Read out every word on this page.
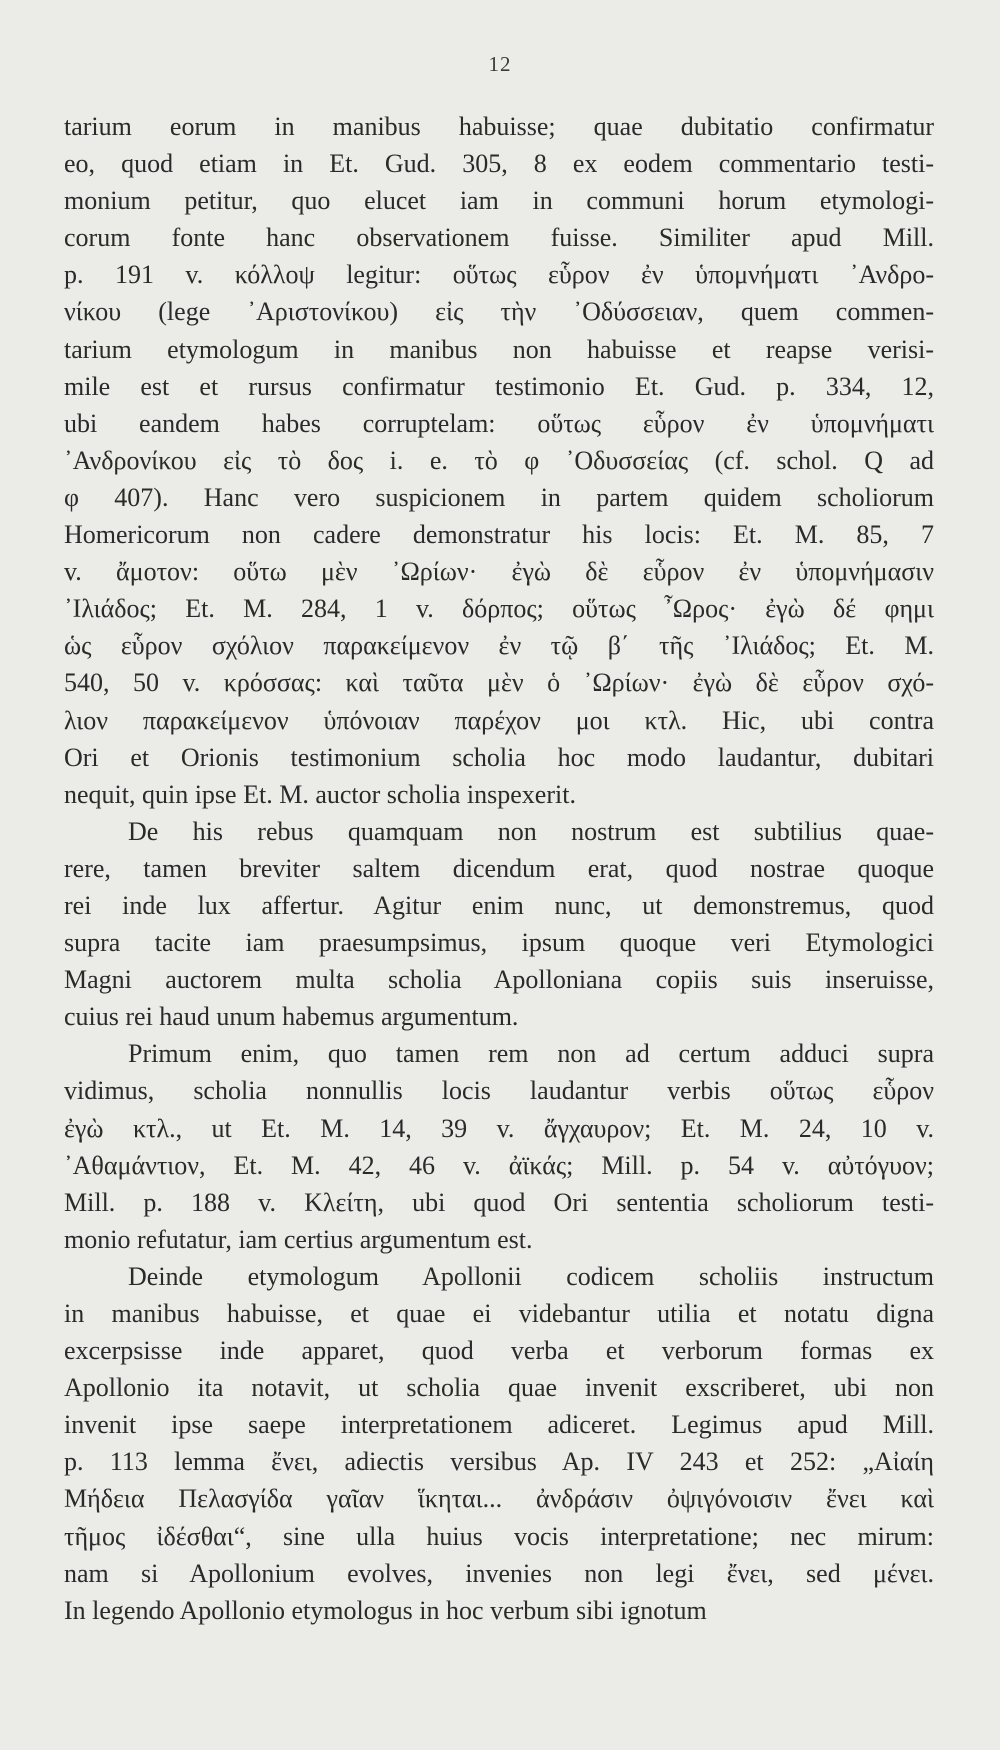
12
tarium eorum in manibus habuisse; quae dubitatio confirmatur
eo, quod etiam in Et. Gud. 305, 8 ex eodem commentario testi-
monium petitur, quo elucet iam in communi horum etymologi-
corum fonte hanc observationem fuisse. Similiter apud Mill.
p. 191 v. κόλλοψ legitur: οὕτως εὗρον ἐν ὑπομνήματι ᾿Ανδρο-
νίκου (lege ᾿Αριστονίκου) εἰς τὴν ᾿Οδύσσειαν, quem commen-
tarium etymologum in manibus non habuisse et reapse verisi-
mile est et rursus confirmatur testimonio Et. Gud. p. 334, 12,
ubi eandem habes corruptelam: οὕτως εὗρον ἐν ὑπομνήματι
᾿Ανδρονίκου εἰς τὸ δος i. e. τὸ φ ᾿Οδυσσείας (cf. schol. Q ad
φ 407). Hanc vero suspicionem in partem quidem scholiorum
Homericorum non cadere demonstratur his locis: Et. M. 85, 7
v. ἄμοτον: οὕτω μὲν ᾿Ωρίων· ἐγὼ δὲ εὗρον ἐν ὑπομνήμασιν
᾿Ιλιάδος; Et. M. 284, 1 v. δόρπος; οὕτως ῏Ωρος· ἐγὼ δέ φημι
ὡς εὗρον σχόλιον παρακείμενον ἐν τῷ β΄ τῆς ᾿Ιλιάδος; Et. M.
540, 50 v. κρόσσας: καὶ ταῦτα μὲν ὁ ᾿Ωρίων· ἐγὼ δὲ εὗρον σχό-
λιον παρακείμενον ὑπόνοιαν παρέχον μοι κτλ. Hic, ubi contra
Ori et Orionis testimonium scholia hoc modo laudantur, dubitari
nequit, quin ipse Et. M. auctor scholia inspexerit.
De his rebus quamquam non nostrum est subtilius quae-
rere, tamen breviter saltem dicendum erat, quod nostrae quoque
rei inde lux affertur. Agitur enim nunc, ut demonstremus, quod
supra tacite iam praesumpsimus, ipsum quoque veri Etymologici
Magni auctorem multa scholia Apolloniana copiis suis inseruisse,
cuius rei haud unum habemus argumentum.
Primum enim, quo tamen rem non ad certum adduci supra
vidimus, scholia nonnullis locis laudantur verbis οὕτως εὗρον
ἐγὼ κτλ., ut Et. M. 14, 39 v. ἄγχαυρον; Et. M. 24, 10 v.
᾿Αθαμάντιον, Et. M. 42, 46 v. ἀϊκάς; Mill. p. 54 v. αὐτόγυον;
Mill. p. 188 v. Κλείτη, ubi quod Ori sententia scholiorum testi-
monio refutatur, iam certius argumentum est.
Deinde etymologum Apollonii codicem scholiis instructum
in manibus habuisse, et quae ei videbantur utilia et notatu digna
excerpsisse inde apparet, quod verba et verborum formas ex
Apollonio ita notavit, ut scholia quae invenit exscriberet, ubi non
invenit ipse saepe interpretationem adiceret. Legimus apud Mill.
p. 113 lemma ἔνει, adiectis versibus Ap. IV 243 et 252: „Αἰαίη
Μήδεια Πελασγίδα γαῖαν ἵκηται... ἀνδράσιν ὀψιγόνοισιν ἔνει καὶ
τῆμος ἰδέσθαι“, sine ulla huius vocis interpretatione; nec mirum:
nam si Apollonium evolves, invenies non legi ἔνει, sed μένει.
In legendo Apollonio etymologus in hoc verbum sibi ignotum
